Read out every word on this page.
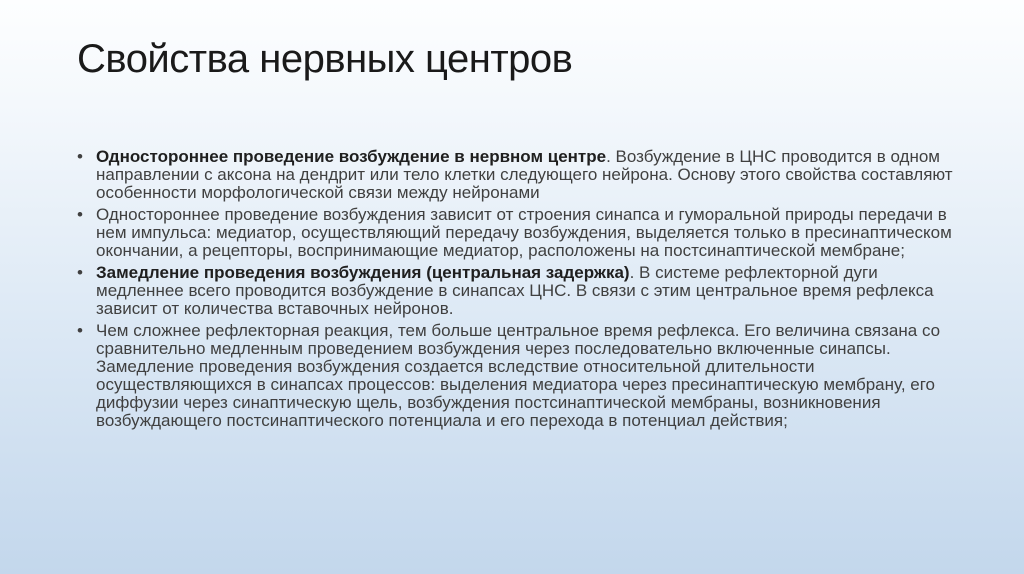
Свойства нервных центров
• Одностороннее проведение возбуждение в нервном центре. Возбуждение в ЦНС проводится в одном направлении с аксона на дендрит или тело клетки следующего нейрона. Основу этого свойства составляют особенности морфологической связи между нейронами
• Одностороннее проведение возбуждения зависит от строения синапса и гуморальной природы передачи в нем импульса: медиатор, осуществляющий передачу возбуждения, выделяется только в пресинаптическом окончании, а рецепторы, воспринимающие медиатор, расположены на постсинаптической мембране;
• Замедление проведения возбуждения (центральная задержка). В системе рефлекторной дуги медленнее всего проводится возбуждение в синапсах ЦНС. В связи с этим центральное время рефлекса зависит от количества вставочных нейронов.
• Чем сложнее рефлекторная реакция, тем больше центральное время рефлекса. Его величина связана со сравнительно медленным проведением возбуждения через последовательно включенные синапсы. Замедление проведения возбуждения создается вследствие относительной длительности осуществляющихся в синапсах процессов: выделения медиатора через пресинаптическую мембрану, его диффузии через синаптическую щель, возбуждения постсинаптической мембраны, возникновения возбуждающего постсинаптического потенциала и его перехода в потенциал действия;
